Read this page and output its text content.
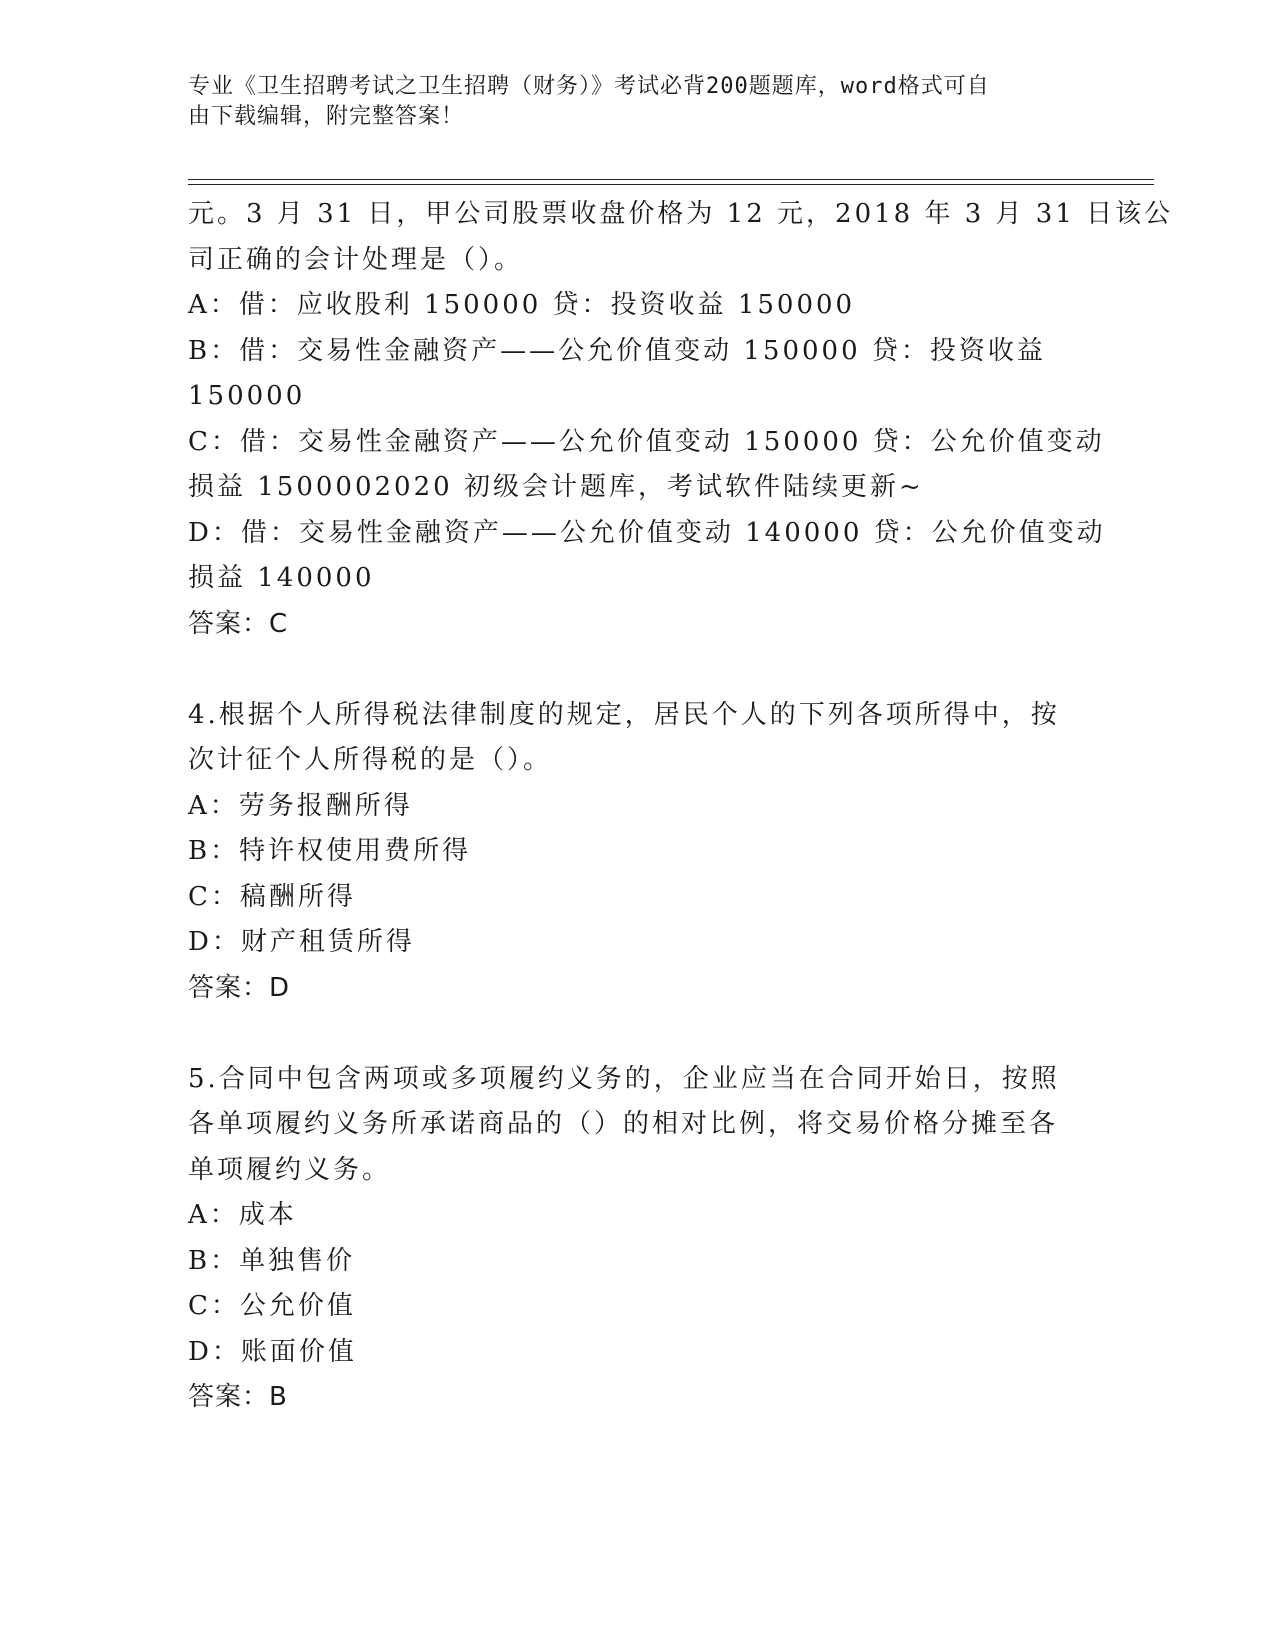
专业《卫生招聘考试之卫生招聘（财务）》考试必背200题题库，word格式可自
由下载编辑，附完整答案！
元。3 月 31 日，甲公司股票收盘价格为 12 元，2018 年 3 月 31 日该公
司正确的会计处理是（）。
A：借：应收股利 150000 贷：投资收益 150000
B：借：交易性金融资产——公允价值变动 150000 贷：投资收益
150000
C：借：交易性金融资产——公允价值变动 150000 贷：公允价值变动
损益 1500002020 初级会计题库，考试软件陆续更新~
D：借：交易性金融资产——公允价值变动 140000 贷：公允价值变动
损益 140000
答案：C
4.根据个人所得税法律制度的规定，居民个人的下列各项所得中，按
次计征个人所得税的是（）。
A：劳务报酬所得
B：特许权使用费所得
C：稿酬所得
D：财产租赁所得
答案：D
5.合同中包含两项或多项履约义务的，企业应当在合同开始日，按照
各单项履约义务所承诺商品的（）的相对比例，将交易价格分摊至各
单项履约义务。
A：成本
B：单独售价
C：公允价值
D：账面价值
答案：B
